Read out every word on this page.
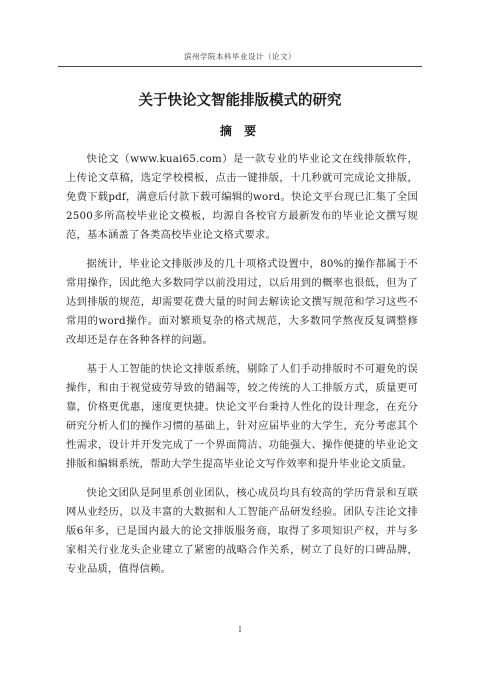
滨州学院本科毕业设计（论文）
关于快论文智能排版模式的研究
摘 要

快论文（www.kuai65.com）是一款专业的毕业论文在线排版软件，上传论文草稿，选定学校模板，点击一键排版，十几秒就可完成论文排版，免费下载pdf，满意后付款下载可编辑的word。快论文平台现已汇集了全国2500多所高校毕业论文模板，均源自各校官方最新发布的毕业论文撰写规范，基本涵盖了各类高校毕业论文格式要求。

据统计，毕业论文排版涉及的几十项格式设置中，80%的操作都属于不常用操作，因此绝大多数同学以前没用过，以后用到的概率也很低，但为了达到排版的规范，却需要花费大量的时间去解读论文撰写规范和学习这些不常用的word操作。面对繁琐复杂的格式规范，大多数同学熬夜反复调整修改却还是存在各种各样的问题。

基于人工智能的快论文排版系统，剔除了人们手动排版时不可避免的误操作，和由于视觉疲劳导致的错漏等，较之传统的人工排版方式，质量更可靠，价格更优惠，速度更快捷。快论文平台秉持人性化的设计理念，在充分研究分析人们的操作习惯的基础上，针对应届毕业的大学生，充分考虑其个性需求，设计并开发完成了一个界面简洁、功能强大、操作便捷的毕业论文排版和编辑系统，帮助大学生提高毕业论文写作效率和提升毕业论文质量。

快论文团队是阿里系创业团队，核心成员均具有较高的学历背景和互联网从业经历，以及丰富的大数据和人工智能产品研发经验。团队专注论文排版6年多，已是国内最大的论文排版服务商，取得了多项知识产权，并与多家相关行业龙头企业建立了紧密的战略合作关系，树立了良好的口碑品牌，专业品质，值得信赖。

I
